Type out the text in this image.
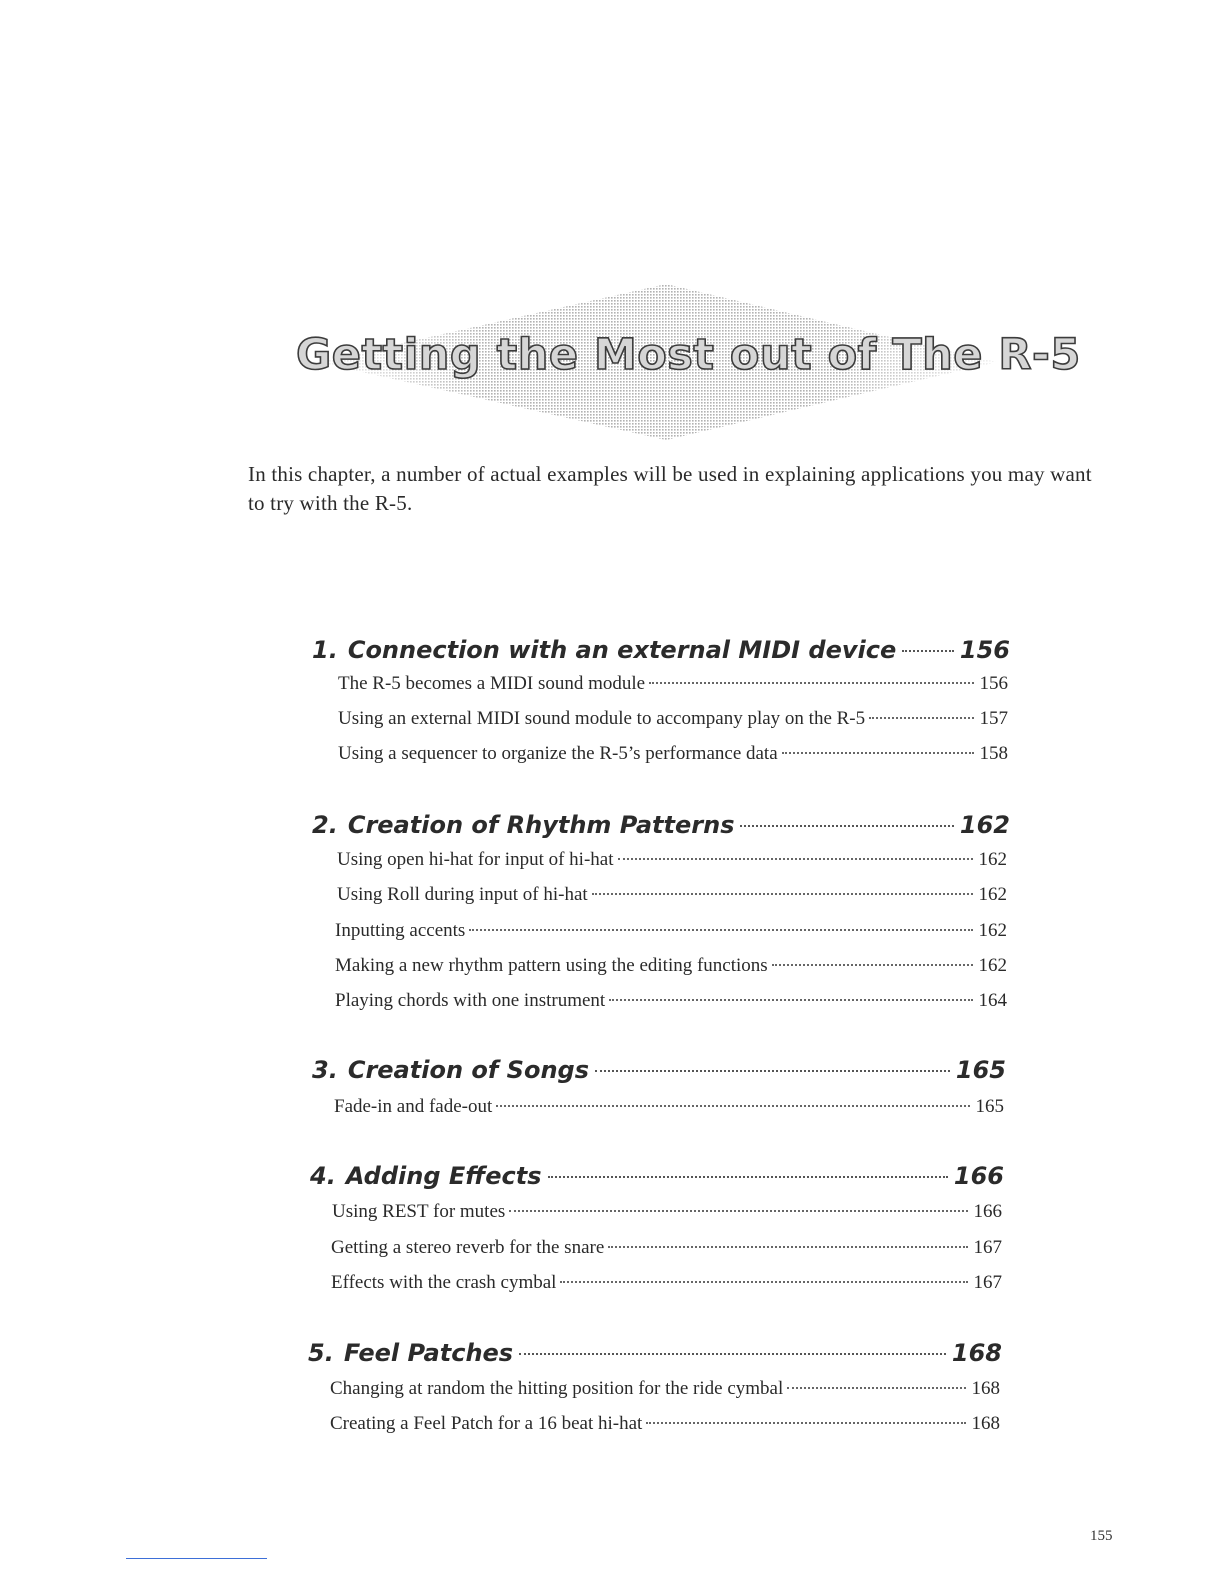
Getting the Most out of The R-5

In this chapter, a number of actual examples will be used in explaining applications you may want to try with the R-5.

1. Connection with an external MIDI device	156
The R-5 becomes a MIDI sound module	156
Using an external MIDI sound module to accompany play on the R-5	157
Using a sequencer to organize the R-5’s performance data	158
2. Creation of Rhythm Patterns	162
Using open hi-hat for input of hi-hat	162
Using Roll during input of hi-hat	162
Inputting accents	162
Making a new rhythm pattern using the editing functions	162
Playing chords with one instrument	164
3. Creation of Songs	165
Fade-in and fade-out	165
4. Adding Effects	166
Using REST for mutes	166
Getting a stereo reverb for the snare	167
Effects with the crash cymbal	167
5. Feel Patches	168
Changing at random the hitting position for the ride cymbal	168
Creating a Feel Patch for a 16 beat hi-hat	168
155
